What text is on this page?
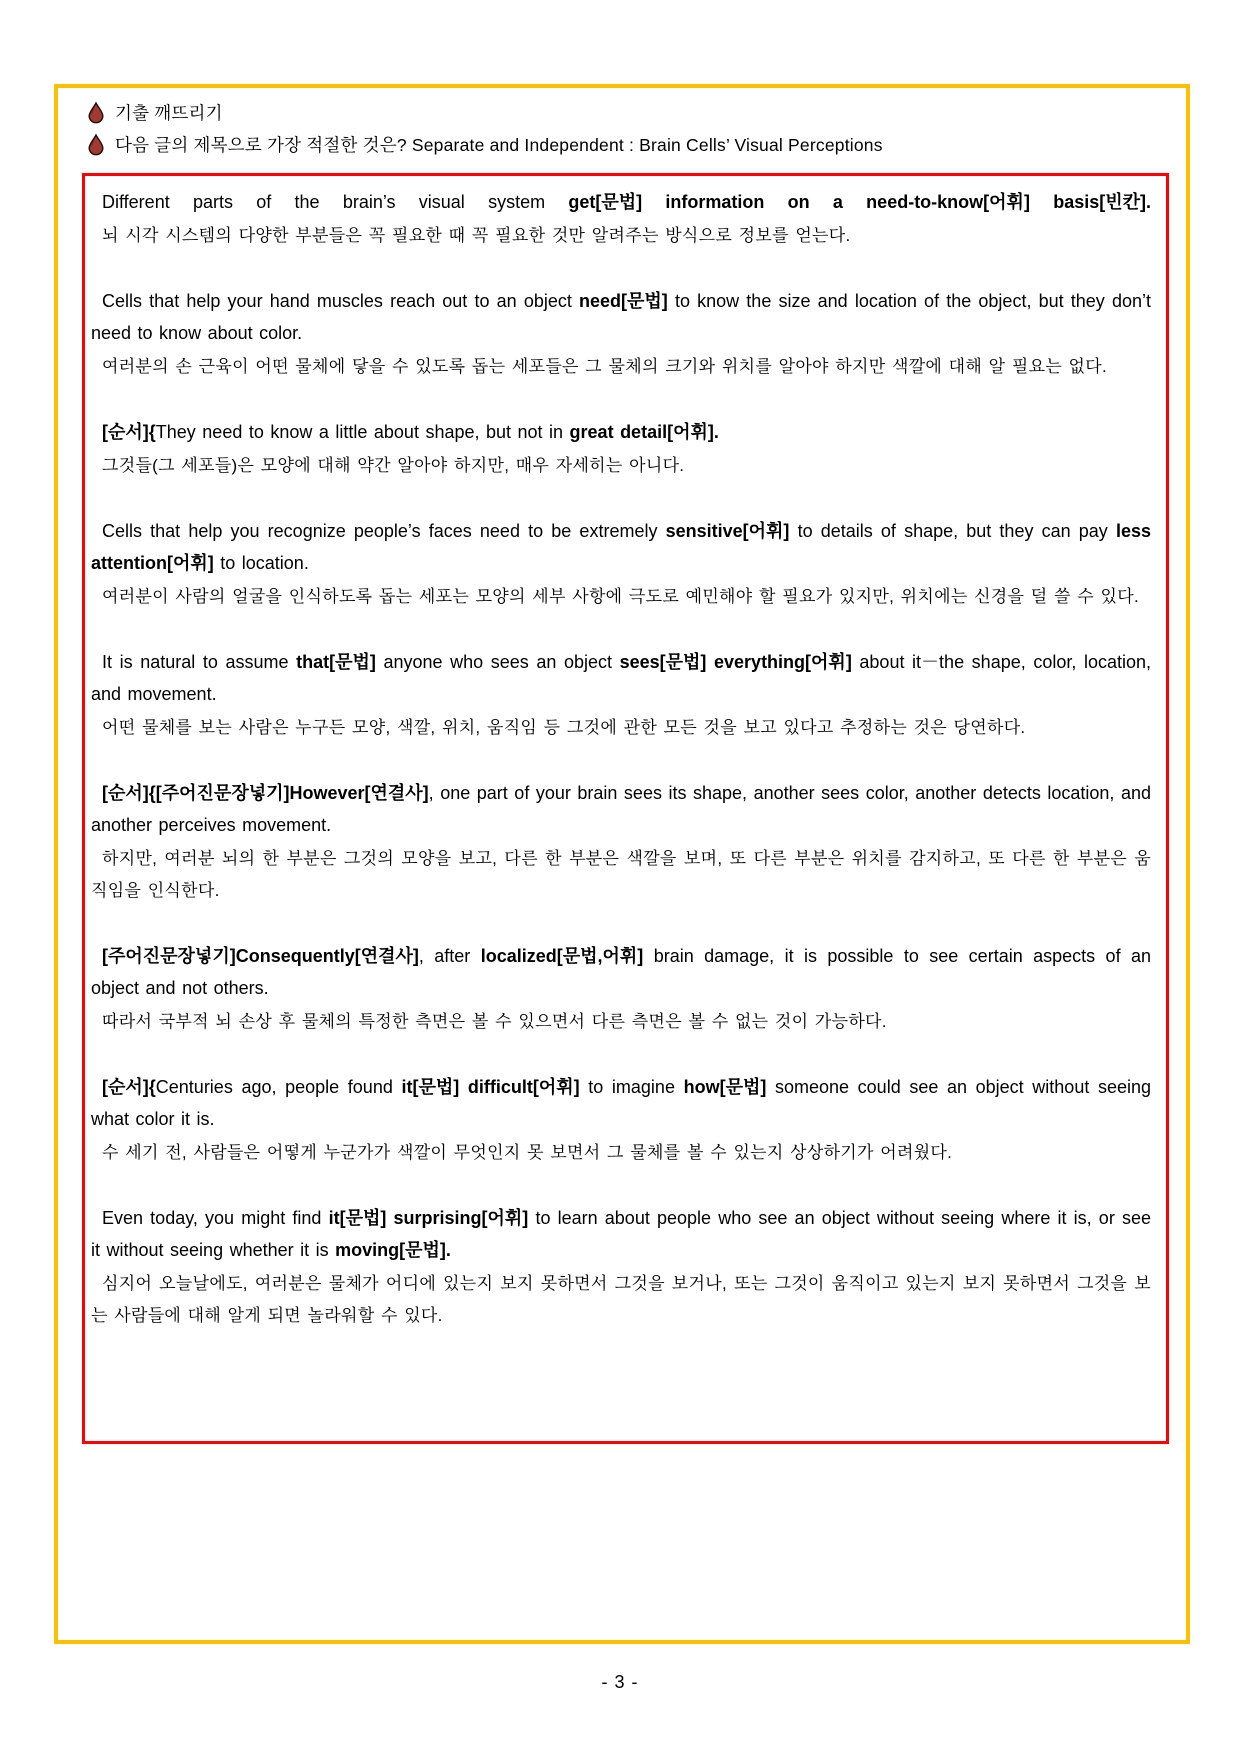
기출 깨뜨리기
다음 글의 제목으로 가장 적절한 것은? Separate and Independent : Brain Cells’ Visual Perceptions

Different parts of the brain’s visual system get[문법] information on a need-to-know[어휘] basis[빈칸].

뇌 시각 시스템의 다양한 부분들은 꼭 필요한 때 꼭 필요한 것만 알려주는 방식으로 정보를 얻는다.

Cells that help your hand muscles reach out to an object need[문법] to know the size and location of the object, but they don’t need to know about color.

여러분의 손 근육이 어떤 물체에 닿을 수 있도록 돕는 세포들은 그 물체의 크기와 위치를 알아야 하지만 색깔에 대해 알 필요는 없다.

[순서]{They need to know a little about shape, but not in great detail[어휘].

그것들(그 세포들)은 모양에 대해 약간 알아야 하지만, 매우 자세히는 아니다.

Cells that help you recognize people’s faces need to be extremely sensitive[어휘] to details of shape, but they can pay less attention[어휘] to location.

여러분이 사람의 얼굴을 인식하도록 돕는 세포는 모양의 세부 사항에 극도로 예민해야 할 필요가 있지만, 위치에는 신경을 덜 쓸 수 있다.

It is natural to assume that[문법] anyone who sees an object sees[문법] everything[어휘] about it－the shape, color, location, and movement.

어떤 물체를 보는 사람은 누구든 모양, 색깔, 위치, 움직임 등 그것에 관한 모든 것을 보고 있다고 추정하는 것은 당연하다.

[순서]{[주어진문장넣기]However[연결사], one part of your brain sees its shape, another sees color, another detects location, and another perceives movement.

하지만, 여러분 뇌의 한 부분은 그것의 모양을 보고, 다른 한 부분은 색깔을 보며, 또 다른 부분은 위치를 감지하고, 또 다른 한 부분은 움직임을 인식한다.

[주어진문장넣기]Consequently[연결사], after localized[문법,어휘] brain damage, it is possible to see certain aspects of an object and not others.

따라서 국부적 뇌 손상 후 물체의 특정한 측면은 볼 수 있으면서 다른 측면은 볼 수 없는 것이 가능하다.

[순서]{Centuries ago, people found it[문법] difficult[어휘] to imagine how[문법] someone could see an object without seeing what color it is.

수 세기 전, 사람들은 어떻게 누군가가 색깔이 무엇인지 못 보면서 그 물체를 볼 수 있는지 상상하기가 어려웠다.

Even today, you might find it[문법] surprising[어휘] to learn about people who see an object without seeing where it is, or see it without seeing whether it is moving[문법].

심지어 오늘날에도, 여러분은 물체가 어디에 있는지 보지 못하면서 그것을 보거나, 또는 그것이 움직이고 있는지 보지 못하면서 그것을 보는 사람들에 대해 알게 되면 놀라워할 수 있다.

- 3 -
